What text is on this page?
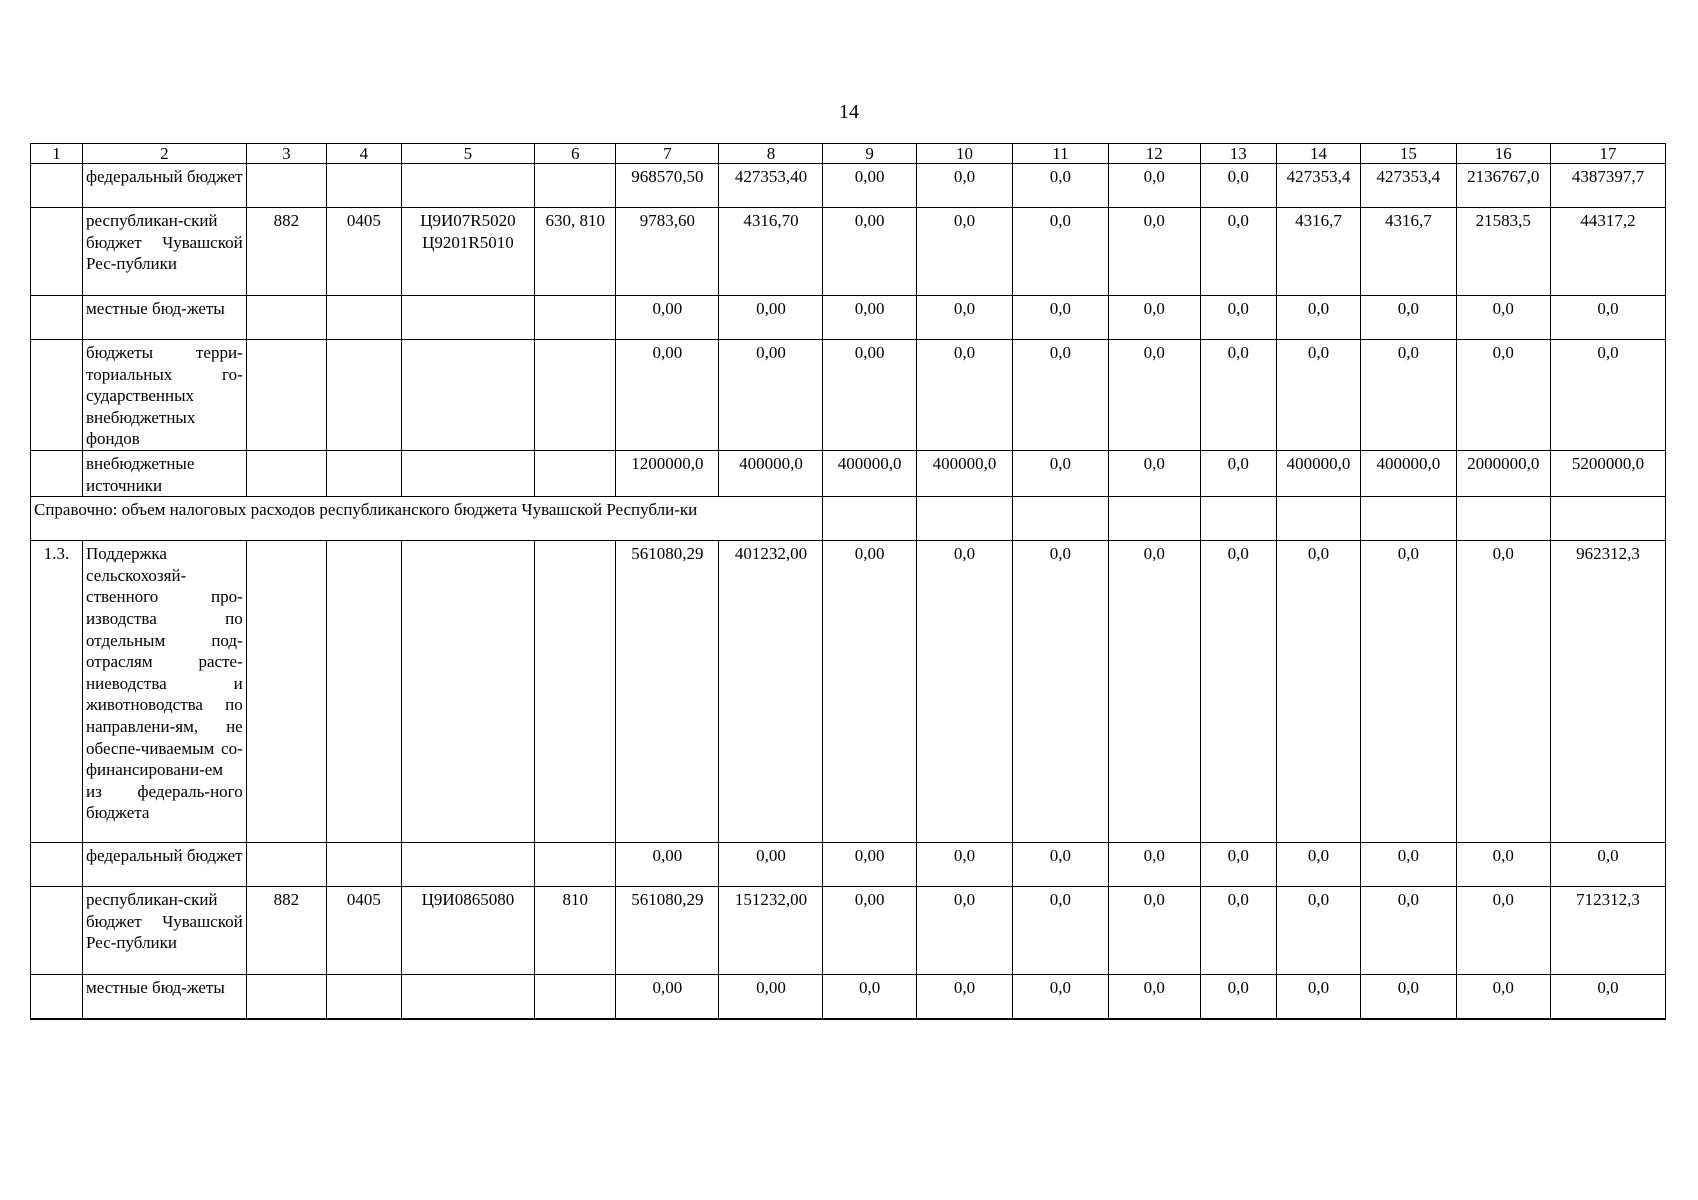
14
1	2	3	4	5	6	7	8	9	10	11	12	13	14	15	16	17
	федеральный бюджет					968570,50	427353,40	0,00	0,0	0,0	0,0	0,0	427353,4	427353,4	2136767,0	4387397,7
	республикан-ский бюджет Чувашской Рес-публики	882	0405	Ц9И07R5020 Ц9201R5010	630, 810	9783,60	4316,70	0,00	0,0	0,0	0,0	0,0	4316,7	4316,7	21583,5	44317,2
	местные бюд-жеты					0,00	0,00	0,00	0,0	0,0	0,0	0,0	0,0	0,0	0,0	0,0
	бюджеты терри-ториальных го-сударственных внебюджетных фондов					0,00	0,00	0,00	0,0	0,0	0,0	0,0	0,0	0,0	0,0	0,0
	внебюджетные источники					1200000,0	400000,0	400000,0	400000,0	0,0	0,0	0,0	400000,0	400000,0	2000000,0	5200000,0
Справочно: объем налоговых расходов республиканского бюджета Чувашской Республи-ки																
1.3.	Поддержка сельскохозяй-ственного про-изводства по отдельным под-отраслям расте-ниеводства и животноводства по направлени-ям, не обеспе-чиваемым со-финансировани-ем из федераль-ного бюджета					561080,29	401232,00	0,00	0,0	0,0	0,0	0,0	0,0	0,0	0,0	962312,3
	федеральный бюджет					0,00	0,00	0,00	0,0	0,0	0,0	0,0	0,0	0,0	0,0	0,0
	республикан-ский бюджет Чувашской Рес-публики	882	0405	Ц9И0865080	810	561080,29	151232,00	0,00	0,0	0,0	0,0	0,0	0,0	0,0	0,0	712312,3
	местные бюд-жеты					0,00	0,00	0,0	0,0	0,0	0,0	0,0	0,0	0,0	0,0	0,0
